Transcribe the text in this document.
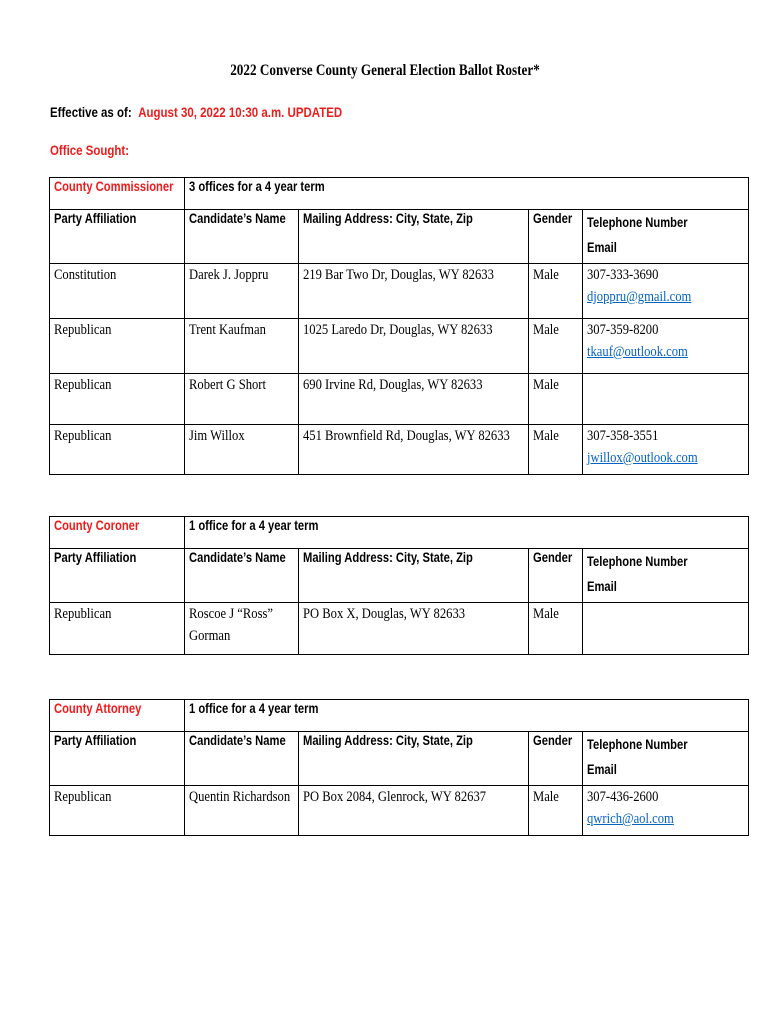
2022 Converse County General Election Ballot Roster*
Effective as of: August 30, 2022 10:30 a.m. UPDATED
Office Sought:
County Commissioner	3 offices for a 4 year term			
Party Affiliation	Candidate’s Name	Mailing Address: City, State, Zip	Gender	Telephone Number
Email
Constitution	Darek J. Joppru	219 Bar Two Dr, Douglas, WY 82633	Male	307-333-3690
djoppru@gmail.com
Republican	Trent Kaufman	1025 Laredo Dr, Douglas, WY 82633	Male	307-359-8200
tkauf@outlook.com
Republican	Robert G Short	690 Irvine Rd, Douglas, WY 82633	Male	
Republican	Jim Willox	451 Brownfield Rd, Douglas, WY 82633	Male	307-358-3551
jwillox@outlook.com
County Coroner	1 office for a 4 year term			
Party Affiliation	Candidate’s Name	Mailing Address: City, State, Zip	Gender	Telephone Number
Email
Republican	Roscoe J “Ross”
Gorman	PO Box X, Douglas, WY 82633	Male	
County Attorney	1 office for a 4 year term			
Party Affiliation	Candidate’s Name	Mailing Address: City, State, Zip	Gender	Telephone Number
Email
Republican	Quentin Richardson	PO Box 2084, Glenrock, WY 82637	Male	307-436-2600
qwrich@aol.com
